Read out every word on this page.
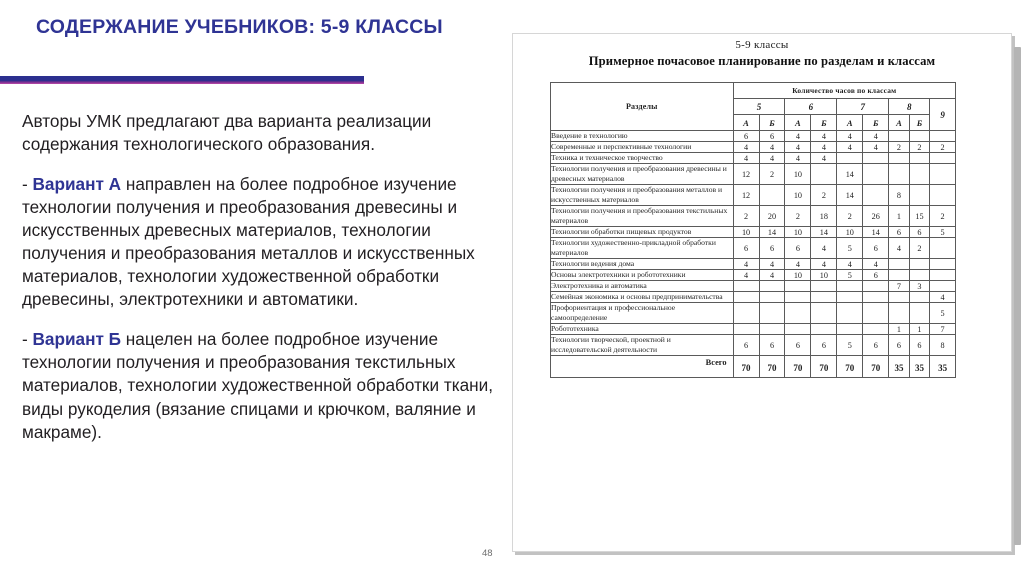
СОДЕРЖАНИЕ УЧЕБНИКОВ: 5-9 КЛАССЫ

Авторы УМК предлагают два варианта реализации содержания технологического образования.

- Вариант А направлен на более подробное изучение технологии получения и преобразования древесины и искусственных древесных материалов, технологии получения и преобразования металлов и искусственных материалов, технологии художественной обработки древесины, электротехники и автоматики.

- Вариант Б нацелен на более подробное изучение технологии получения и преобразования текстильных материалов, технологии художественной обработки ткани, виды рукоделия (вязание спицами и крючком, валяние и макраме).

48
5-9 классы
Примерное почасовое планирование по разделам и классам
Разделы	Количество часов по классам								
	5		6		7		8		9
	А	Б	А	Б	А	Б	А	Б	
Введение в технологию	6	6	4	4	4	4			
Современные и перспективные технологии	4	4	4	4	4	4	2	2	2
Техника и техническое творчество	4	4	4	4					
Технологии получения и преобразования древесины и древесных материалов	12	2	10		14				
Технологии получения и преобразования металлов и искусственных материалов	12		10	2	14		8		
Технологии получения и преобразования текстильных материалов	2	20	2	18	2	26	1	15	2
Технологии обработки пищевых продуктов	10	14	10	14	10	14	6	6	5
Технологии художественно-прикладной обработки материалов	6	6	6	4	5	6	4	2	
Технологии ведения дома	4	4	4	4	4	4			
Основы электротехники и робототехники	4	4	10	10	5	6			
Электротехника и автоматика							7	3	
Семейная экономика и основы предпринимательства									4
Профориентация и профессиональное самоопределение									5
Робототехника							1	1	7
Технологии творческой, проектной и исследовательской деятельности	6	6	6	6	5	6	6	6	8
Всего	70	70	70	70	70	70	35	35	35
